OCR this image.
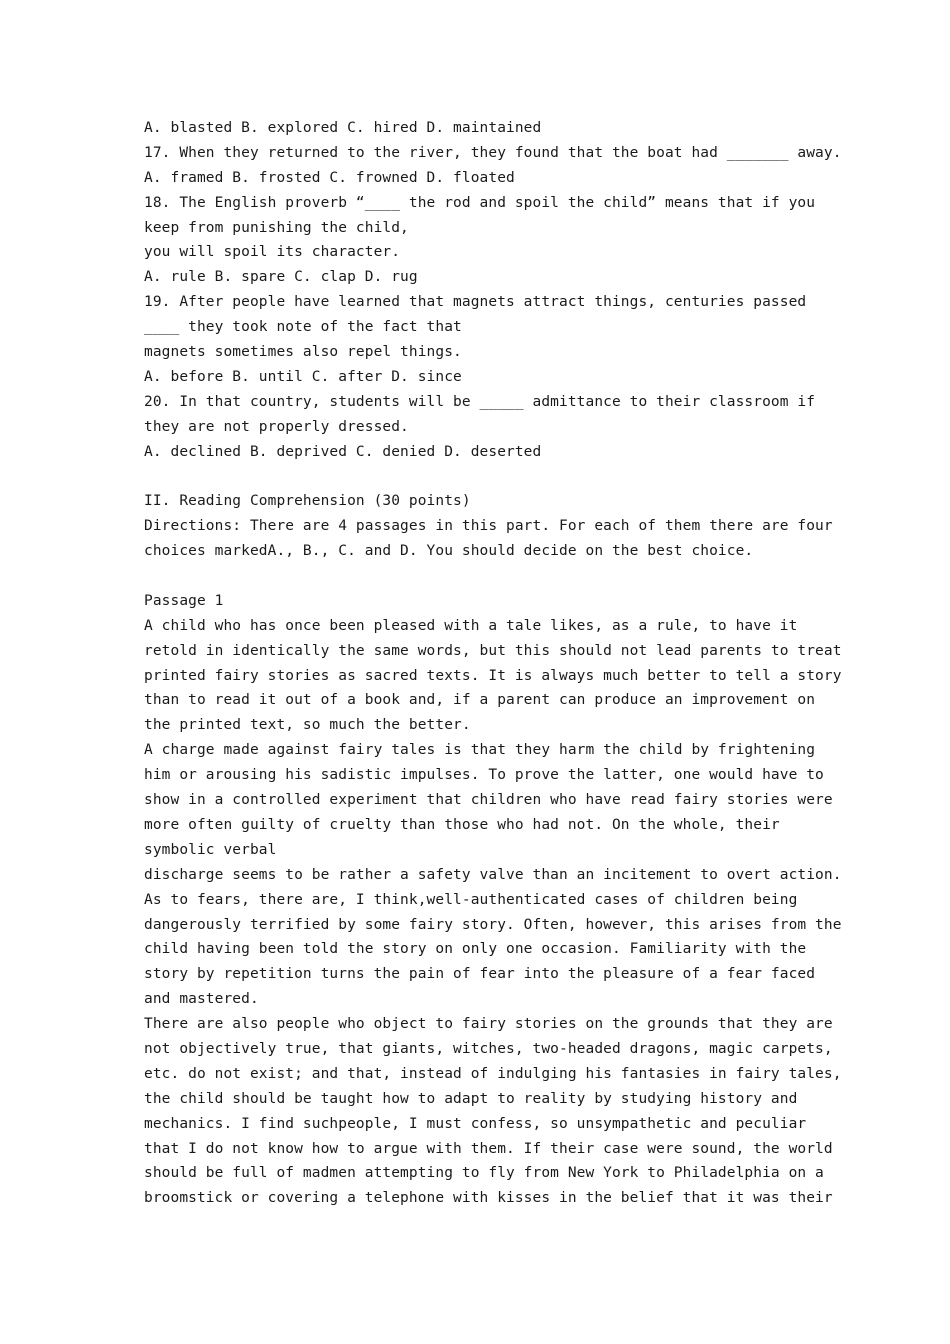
A. blasted B. explored C. hired D. maintained
17. When they returned to the river, they found that the boat had _______ away.
A. framed B. frosted C. frowned D. floated
18. The English proverb “____ the rod and spoil the child” means that if you
keep from punishing the child,
you will spoil its character.
A. rule B. spare C. clap D. rug
19. After people have learned that magnets attract things, centuries passed
____ they took note of the fact that
magnets sometimes also repel things.
A. before B. until C. after D. since
20. In that country, students will be _____ admittance to their classroom if
they are not properly dressed.
A. declined B. deprived C. denied D. deserted
II. Reading Comprehension (30 points)
Directions: There are 4 passages in this part. For each of them there are four
choices markedA., B., C. and D. You should decide on the best choice.
Passage 1
A child who has once been pleased with a tale likes, as a rule, to have it
retold in identically the same words, but this should not lead parents to treat
printed fairy stories as sacred texts. It is always much better to tell a story
than to read it out of a book and, if a parent can produce an improvement on
the printed text, so much the better.
A charge made against fairy tales is that they harm the child by frightening
him or arousing his sadistic impulses. To prove the latter, one would have to
show in a controlled experiment that children who have read fairy stories were
more often guilty of cruelty than those who had not. On the whole, their
symbolic verbal
discharge seems to be rather a safety valve than an incitement to overt action.
As to fears, there are, I think,well-authenticated cases of children being
dangerously terrified by some fairy story. Often, however, this arises from the
child having been told the story on only one occasion. Familiarity with the
story by repetition turns the pain of fear into the pleasure of a fear faced
and mastered.
There are also people who object to fairy stories on the grounds that they are
not objectively true, that giants, witches, two-headed dragons, magic carpets,
etc. do not exist; and that, instead of indulging his fantasies in fairy tales,
the child should be taught how to adapt to reality by studying history and
mechanics. I find suchpeople, I must confess, so unsympathetic and peculiar
that I do not know how to argue with them. If their case were sound, the world
should be full of madmen attempting to fly from New York to Philadelphia on a
broomstick or covering a telephone with kisses in the belief that it was their
